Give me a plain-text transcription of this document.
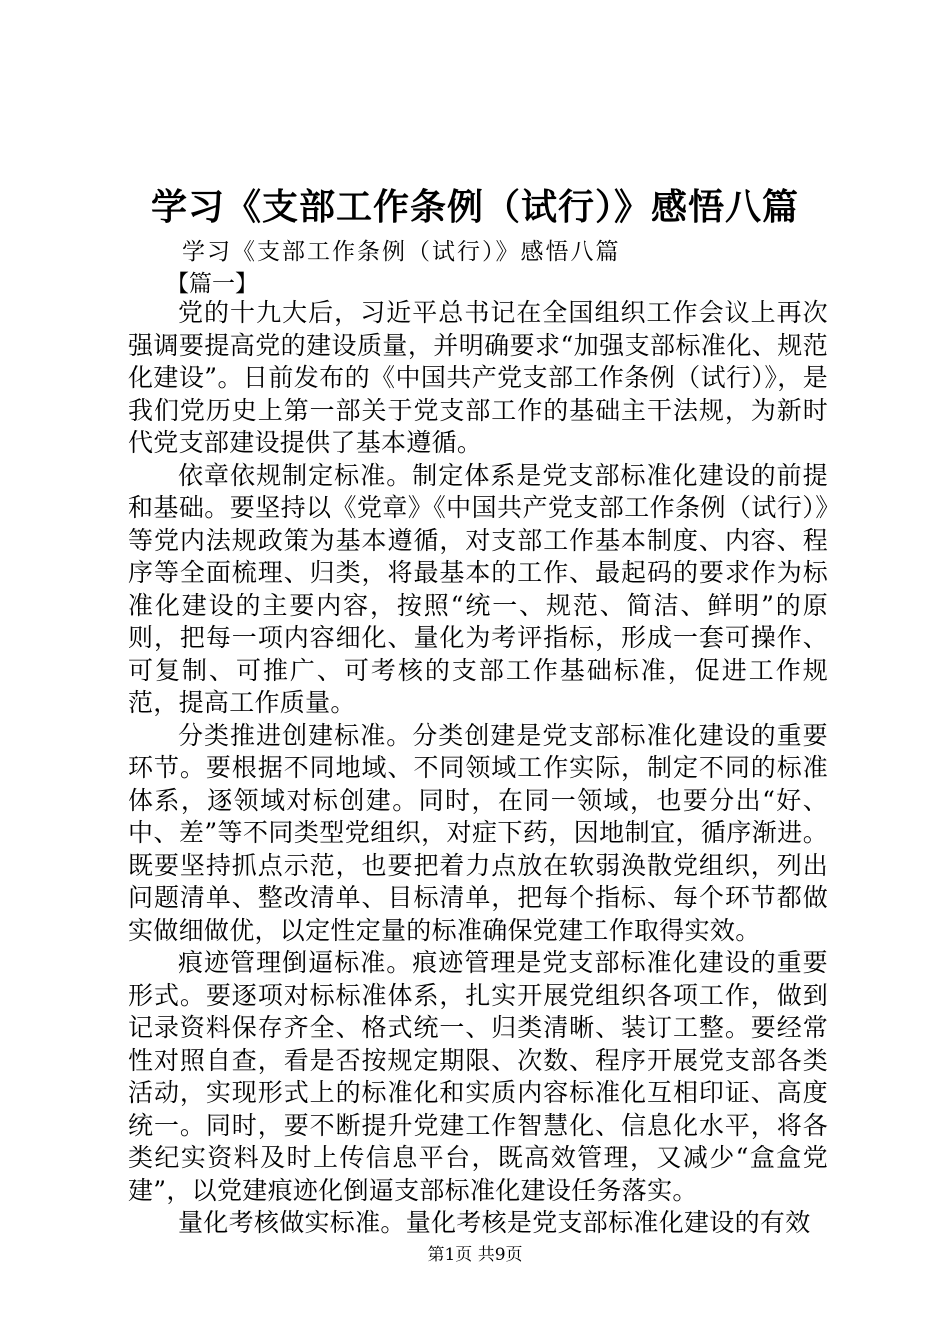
学习《支部工作条例（试行）》感悟八篇
学习《支部工作条例（试行）》感悟八篇
【篇一】

党的十九大后，习近平总书记在全国组织工作会议上再次强调要提高党的建设质量，并明确要求“加强支部标准化、规范化建设”。日前发布的《中国共产党支部工作条例（试行）》，是我们党历史上第一部关于党支部工作的基础主干法规，为新时代党支部建设提供了基本遵循。

依章依规制定标准。制定体系是党支部标准化建设的前提和基础。要坚持以《党章》《中国共产党支部工作条例（试行）》等党内法规政策为基本遵循，对支部工作基本制度、内容、程序等全面梳理、归类，将最基本的工作、最起码的要求作为标准化建设的主要内容，按照“统一、规范、简洁、鲜明”的原则，把每一项内容细化、量化为考评指标，形成一套可操作、可复制、可推广、可考核的支部工作基础标准，促进工作规范，提高工作质量。

分类推进创建标准。分类创建是党支部标准化建设的重要环节。要根据不同地域、不同领域工作实际，制定不同的标准体系，逐领域对标创建。同时，在同一领域，也要分出“好、中、差”等不同类型党组织，对症下药，因地制宜，循序渐进。既要坚持抓点示范，也要把着力点放在软弱涣散党组织，列出问题清单、整改清单、目标清单，把每个指标、每个环节都做实做细做优，以定性定量的标准确保党建工作取得实效。

痕迹管理倒逼标准。痕迹管理是党支部标准化建设的重要形式。要逐项对标标准体系，扎实开展党组织各项工作，做到记录资料保存齐全、格式统一、归类清晰、装订工整。要经常性对照自查，看是否按规定期限、次数、程序开展党支部各类活动，实现形式上的标准化和实质内容标准化互相印证、高度统一。同时，要不断提升党建工作智慧化、信息化水平，将各类纪实资料及时上传信息平台，既高效管理，又减少“盒盒党建”，以党建痕迹化倒逼支部标准化建设任务落实。

量化考核做实标准。量化考核是党支部标准化建设的有效

第1页 共9页
